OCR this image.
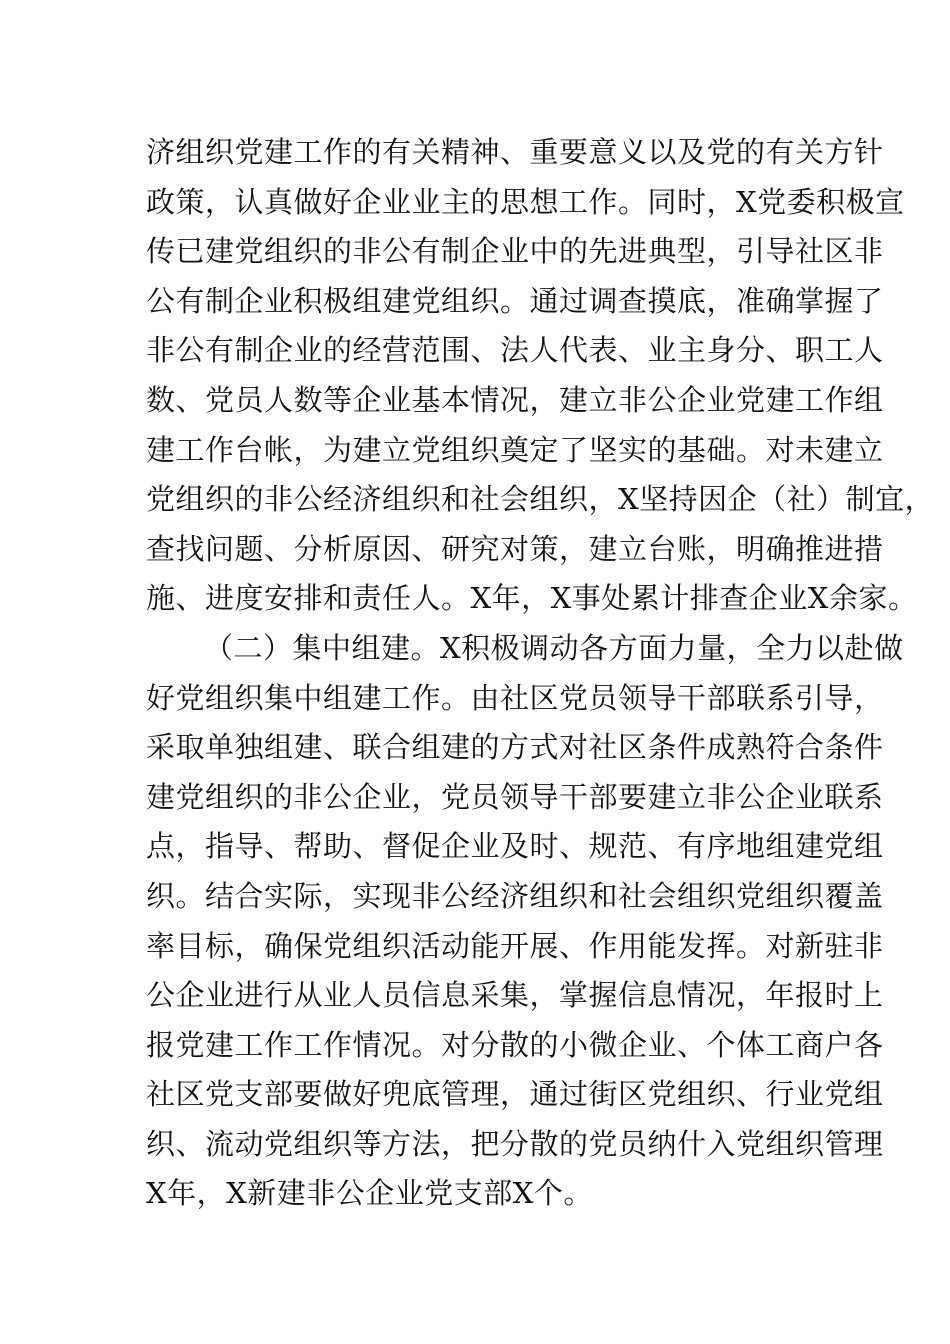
济组织党建工作的有关精神、重要意义以及党的有关方针
政策，认真做好企业业主的思想工作。同时，X党委积极宣
传已建党组织的非公有制企业中的先进典型，引导社区非
公有制企业积极组建党组织。通过调查摸底，准确掌握了
非公有制企业的经营范围、法人代表、业主身分、职工人
数、党员人数等企业基本情况，建立非公企业党建工作组
建工作台帐，为建立党组织奠定了坚实的基础。对未建立
党组织的非公经济组织和社会组织，X坚持因企（社）制宜，
查找问题、分析原因、研究对策，建立台账，明确推进措
施、进度安排和责任人。X年，X事处累计排查企业X余家。
（二）集中组建。X积极调动各方面力量，全力以赴做
好党组织集中组建工作。由社区党员领导干部联系引导，
采取单独组建、联合组建的方式对社区条件成熟符合条件
建党组织的非公企业，党员领导干部要建立非公企业联系
点，指导、帮助、督促企业及时、规范、有序地组建党组
织。结合实际，实现非公经济组织和社会组织党组织覆盖
率目标，确保党组织活动能开展、作用能发挥。对新驻非
公企业进行从业人员信息采集，掌握信息情况，年报时上
报党建工作工作情况。对分散的小微企业、个体工商户各
社区党支部要做好兜底管理，通过街区党组织、行业党组
织、流动党组织等方法，把分散的党员纳什入党组织管理
X年，X新建非公企业党支部X个。
